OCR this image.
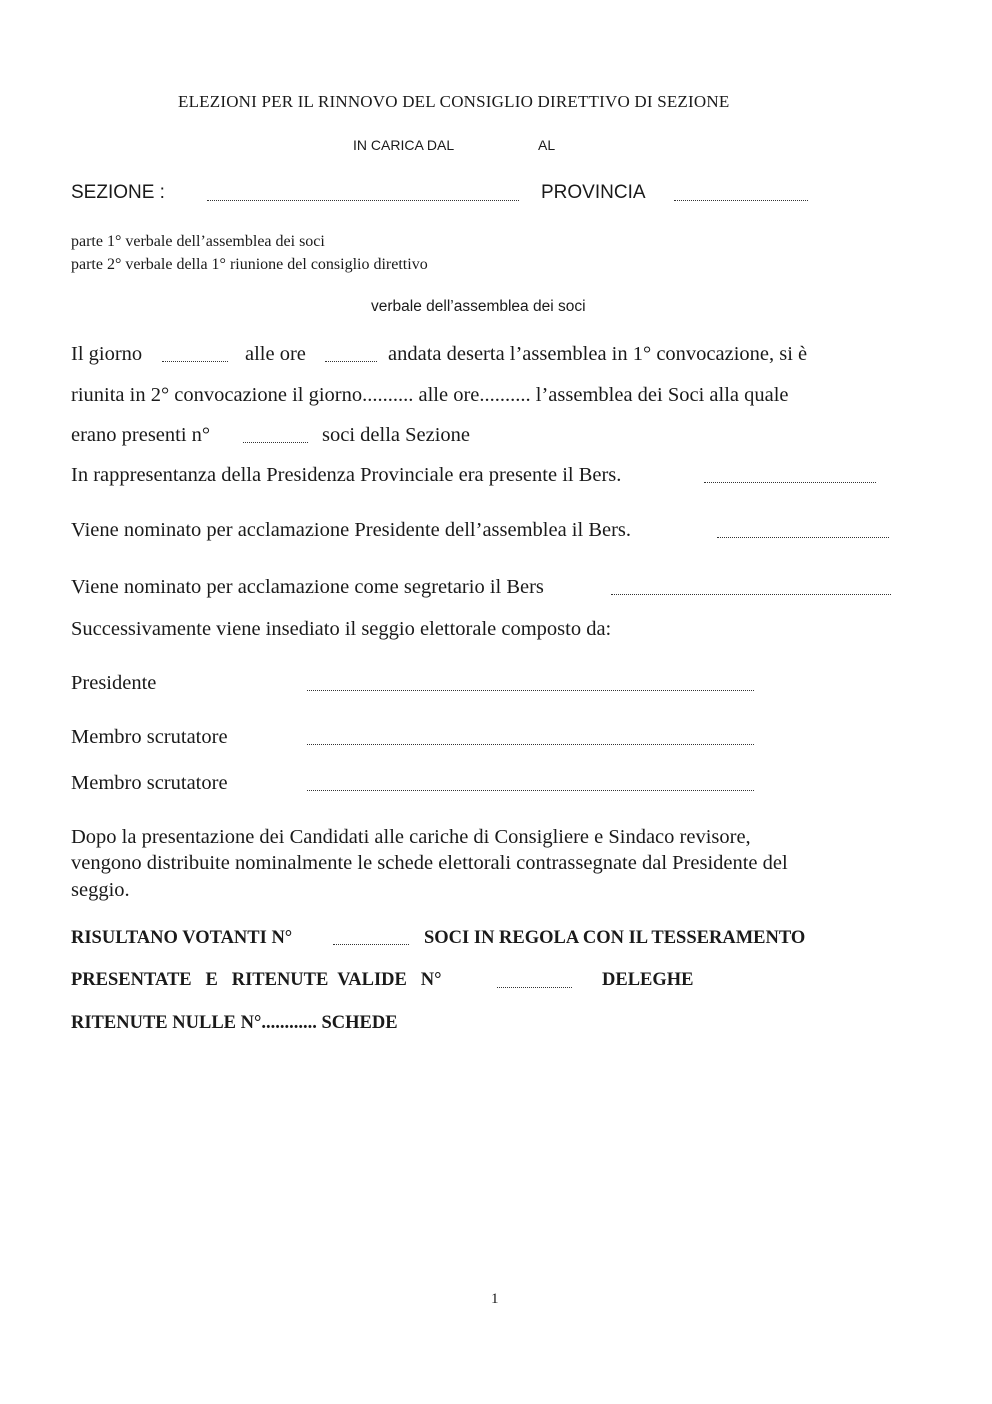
ELEZIONI PER IL RINNOVO DEL CONSIGLIO DIRETTIVO DI SEZIONE
IN CARICA DAL	AL
SEZIONE :	PROVINCIA
parte 1° verbale dell’assemblea dei soci
parte 2° verbale della 1° riunione del consiglio direttivo
verbale dell’assemblea dei soci
Il giorno	alle ore	andata deserta l’assemblea in 1° convocazione, si è
riunita in 2° convocazione il giorno.......... alle ore.......... l’assemblea dei Soci alla quale
erano presenti n°	soci della Sezione
In rappresentanza della Presidenza Provinciale era presente il Bers.
Viene nominato per acclamazione Presidente dell’assemblea il Bers.
Viene nominato per acclamazione come segretario il Bers
Successivamente viene insediato il seggio elettorale composto da:
Presidente
Membro scrutatore
Membro scrutatore
Dopo la presentazione dei Candidati alle cariche di Consigliere e Sindaco revisore,
vengono distribuite nominalmente le schede elettorali contrassegnate dal Presidente del
seggio.
RISULTANO VOTANTI N°	SOCI IN REGOLA CON IL TESSERAMENTO
PRESENTATE   E   RITENUTE  VALIDE   N°	DELEGHE
RITENUTE NULLE N°............ SCHEDE
1
